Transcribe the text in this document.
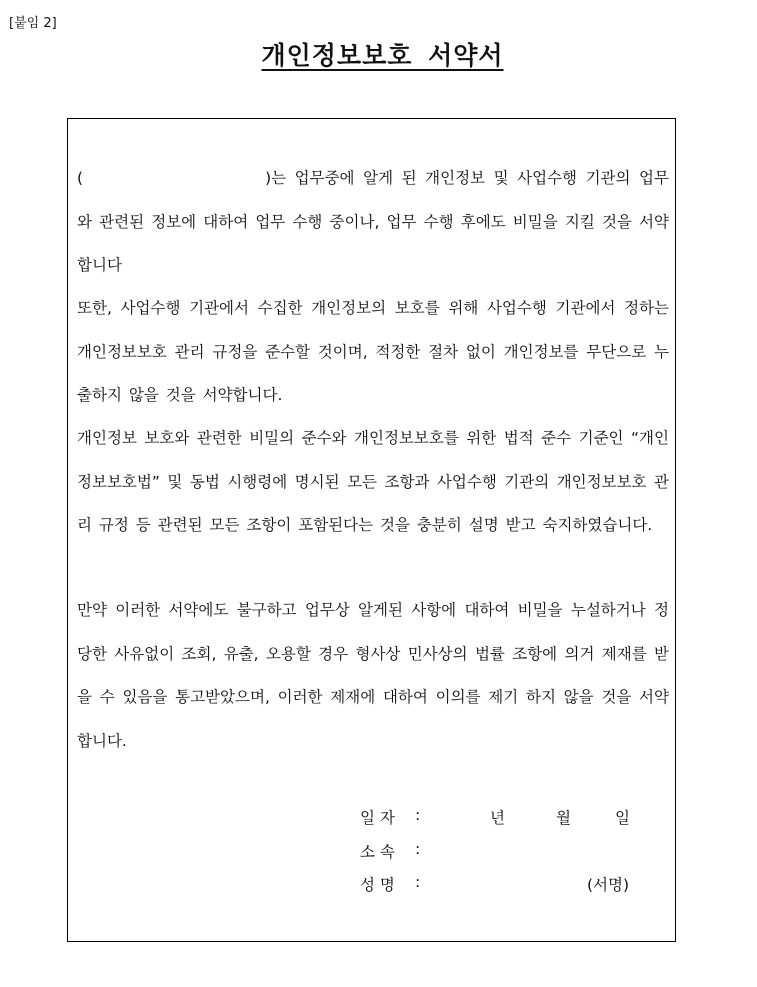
[붙임 2]
개인정보보호 서약서
(	)는 업무중에 알게 된 개인정보 및 사업수행 기관의 업무와 관련된 정보에 대하여 업무 수행 중이나, 업무 수행 후에도 비밀을 지킬 것을 서약합니다
또한, 사업수행 기관에서 수집한 개인정보의 보호를 위해 사업수행 기관에서 정하는 개인정보보호 관리 규정을 준수할 것이며, 적정한 절차 없이 개인정보를 무단으로 누출하지 않을 것을 서약합니다.
개인정보 보호와 관련한 비밀의 준수와 개인정보보호를 위한 법적 준수 기준인 “개인정보보호법” 및 동법 시행령에 명시된 모든 조항과 사업수행 기관의 개인정보보호 관리 규정 등 관련된 모든 조항이 포함된다는 것을 충분히 설명 받고 숙지하였습니다.
만약 이러한 서약에도 불구하고 업무상 알게된 사항에 대하여 비밀을 누설하거나 정당한 사유없이 조회, 유출, 오용할 경우 형사상 민사상의 법률 조항에 의거 제재를 받을 수 있음을 통고받았으며, 이러한 제재에 대하여 이의를 제기 하지 않을 것을 서약합니다.
일 자	:	년	월	일
소 속	:
성 명	:	(서명)
